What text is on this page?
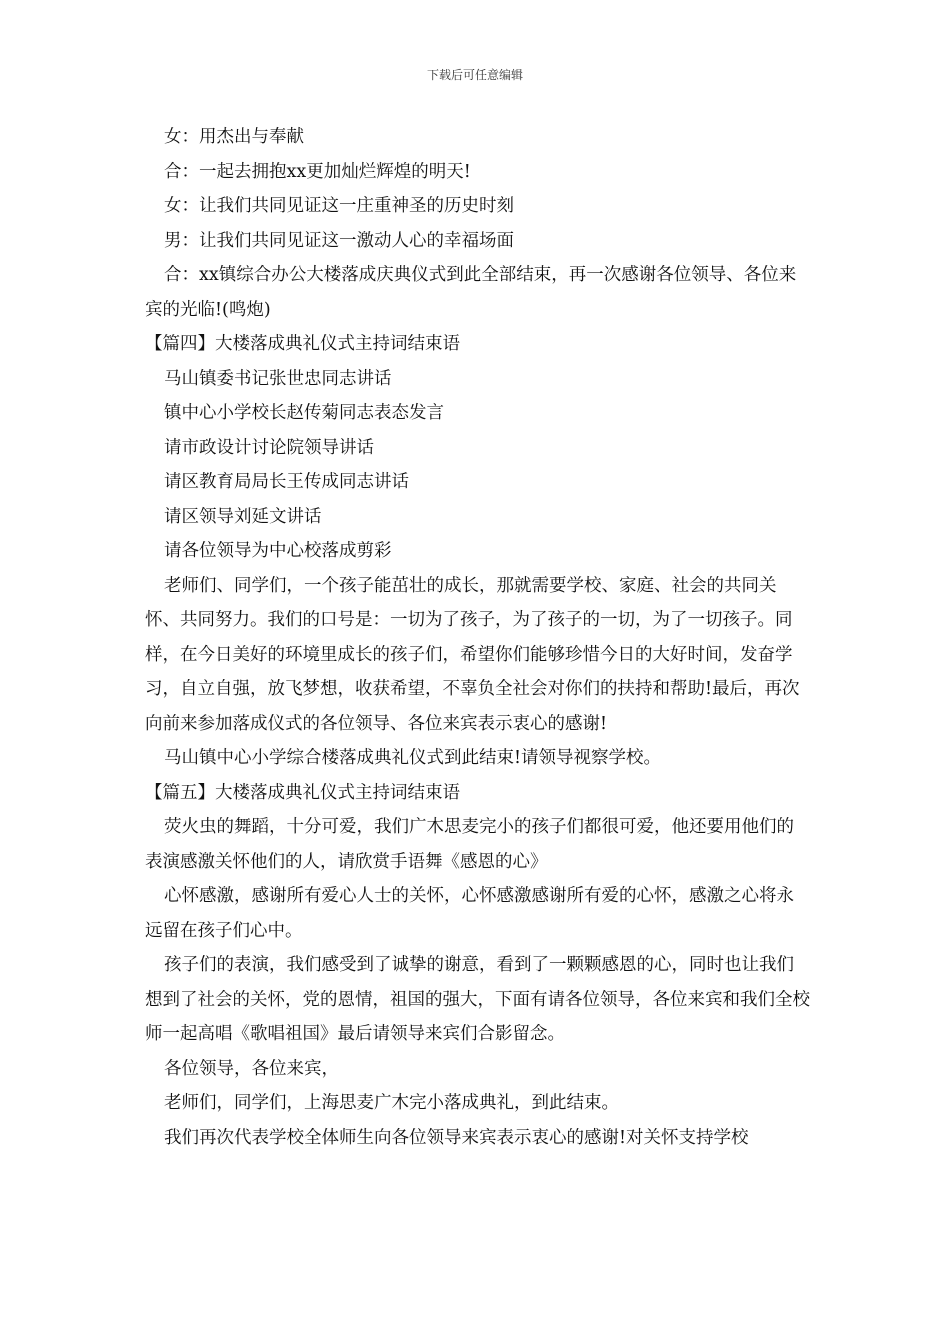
下载后可任意编辑

女：用杰出与奉献

合：一起去拥抱xx更加灿烂辉煌的明天!

女：让我们共同见证这一庄重神圣的历史时刻

男：让我们共同见证这一激动人心的幸福场面

合：xx镇综合办公大楼落成庆典仪式到此全部结束，再一次感谢各位领导、各位来宾的光临!(鸣炮)

【篇四】大楼落成典礼仪式主持词结束语

马山镇委书记张世忠同志讲话

镇中心小学校长赵传菊同志表态发言

请市政设计讨论院领导讲话

请区教育局局长王传成同志讲话

请区领导刘延文讲话

请各位领导为中心校落成剪彩

老师们、同学们，一个孩子能茁壮的成长，那就需要学校、家庭、社会的共同关怀、共同努力。我们的口号是：一切为了孩子，为了孩子的一切，为了一切孩子。同样，在今日美好的环境里成长的孩子们，希望你们能够珍惜今日的大好时间，发奋学习，自立自强，放飞梦想，收获希望，不辜负全社会对你们的扶持和帮助!最后，再次向前来参加落成仪式的各位领导、各位来宾表示衷心的感谢!

马山镇中心小学综合楼落成典礼仪式到此结束!请领导视察学校。

【篇五】大楼落成典礼仪式主持词结束语

荧火虫的舞蹈，十分可爱，我们广木思麦完小的孩子们都很可爱，他还要用他们的表演感激关怀他们的人，请欣赏手语舞《感恩的心》

心怀感激，感谢所有爱心人士的关怀，心怀感激感谢所有爱的心怀，感激之心将永远留在孩子们心中。

孩子们的表演，我们感受到了诚挚的谢意，看到了一颗颗感恩的心，同时也让我们想到了社会的关怀，党的恩情，祖国的强大，下面有请各位领导，各位来宾和我们全校师一起高唱《歌唱祖国》最后请领导来宾们合影留念。

各位领导，各位来宾，

老师们，同学们，上海思麦广木完小落成典礼，到此结束。

我们再次代表学校全体师生向各位领导来宾表示衷心的感谢!对关怀支持学校
